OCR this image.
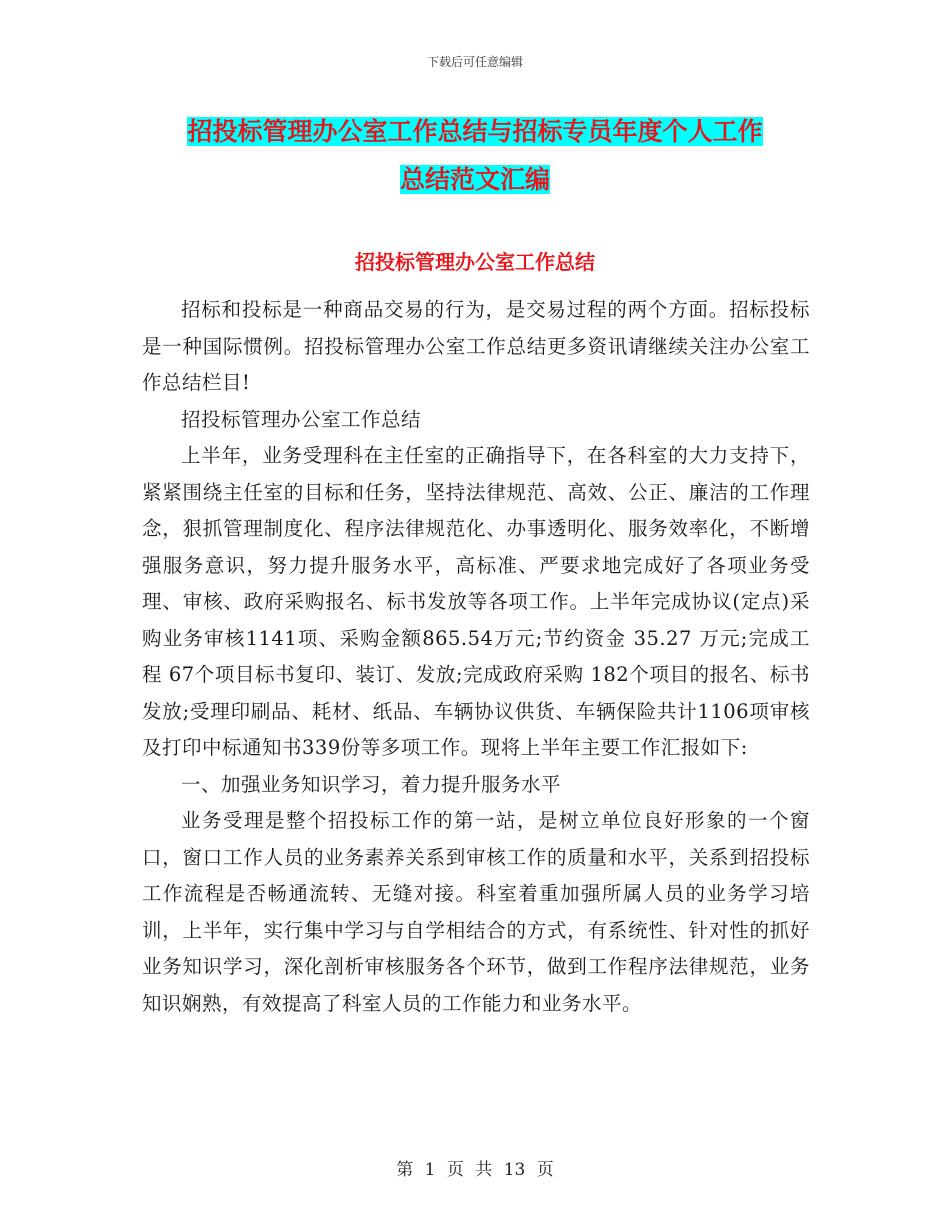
下载后可任意编辑
招投标管理办公室工作总结与招标专员年度个人工作
总结范文汇编
招投标管理办公室工作总结

招标和投标是一种商品交易的行为，是交易过程的两个方面。招标投标是一种国际惯例。招投标管理办公室工作总结更多资讯请继续关注办公室工作总结栏目!

招投标管理办公室工作总结

上半年，业务受理科在主任室的正确指导下，在各科室的大力支持下，紧紧围绕主任室的目标和任务，坚持法律规范、高效、公正、廉洁的工作理念，狠抓管理制度化、程序法律规范化、办事透明化、服务效率化，不断增强服务意识，努力提升服务水平，高标准、严要求地完成好了各项业务受理、审核、政府采购报名、标书发放等各项工作。上半年完成协议(定点)采购业务审核1141项、采购金额865.54万元;节约资金 35.27 万元;完成工程 67个项目标书复印、装订、发放;完成政府采购 182个项目的报名、标书发放;受理印刷品、耗材、纸品、车辆协议供货、车辆保险共计1106项审核及打印中标通知书339份等多项工作。现将上半年主要工作汇报如下:

一、加强业务知识学习，着力提升服务水平

业务受理是整个招投标工作的第一站，是树立单位良好形象的一个窗口，窗口工作人员的业务素养关系到审核工作的质量和水平，关系到招投标工作流程是否畅通流转、无缝对接。科室着重加强所属人员的业务学习培训，上半年，实行集中学习与自学相结合的方式，有系统性、针对性的抓好业务知识学习，深化剖析审核服务各个环节，做到工作程序法律规范，业务知识娴熟，有效提高了科室人员的工作能力和业务水平。

第 1 页 共 13 页
